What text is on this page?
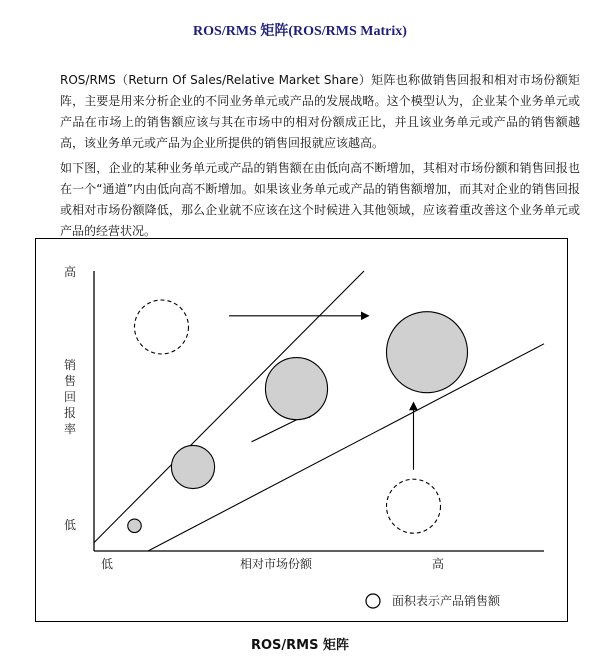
ROS/RMS 矩阵(ROS/RMS Matrix)
ROS/RMS（Return Of Sales/Relative Market Share）矩阵也称做销售回报和相对市场份额矩阵，主要是用来分析企业的不同业务单元或产品的发展战略。这个模型认为，企业某个业务单元或产品在市场上的销售额应该与其在市场中的相对份额成正比，并且该业务单元或产品的销售额越高，该业务单元或产品为企业所提供的销售回报就应该越高。
如下图，企业的某种业务单元或产品的销售额在由低向高不断增加，其相对市场份额和销售回报也在一个“通道”内由低向高不断增加。如果该业务单元或产品的销售额增加，而其对企业的销售回报或相对市场份额降低，那么企业就不应该在这个时候进入其他领域，应该着重改善这个业务单元或产品的经营状况。
高
低
销售回报率
低	相对市场份额	高
面积表示产品销售额
ROS/RMS 矩阵
